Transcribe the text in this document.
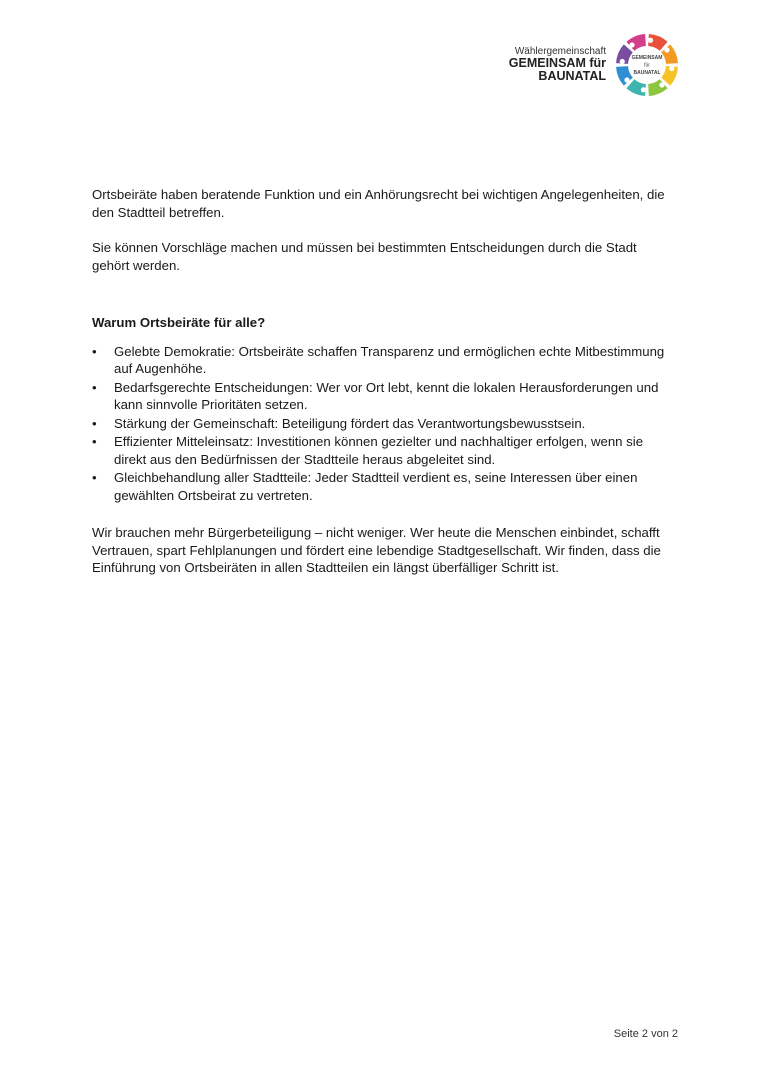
Wählergemeinschaft
GEMEINSAM für
BAUNATAL
GEMEINSAM
für
BAUNATAL

Ortsbeiräte haben beratende Funktion und ein Anhörungsrecht bei wichtigen Angelegenheiten, die den Stadtteil betreffen.

Sie können Vorschläge machen und müssen bei bestimmten Entscheidungen durch die Stadt gehört werden.

Warum Ortsbeiräte für alle?
• Gelebte Demokratie: Ortsbeiräte schaffen Transparenz und ermöglichen echte Mitbestimmung auf Augenhöhe.
• Bedarfsgerechte Entscheidungen: Wer vor Ort lebt, kennt die lokalen Herausforderungen und kann sinnvolle Prioritäten setzen.
• Stärkung der Gemeinschaft: Beteiligung fördert das Verantwortungsbewusstsein.
• Effizienter Mitteleinsatz: Investitionen können gezielter und nachhaltiger erfolgen, wenn sie direkt aus den Bedürfnissen der Stadtteile heraus abgeleitet sind.
• Gleichbehandlung aller Stadtteile: Jeder Stadtteil verdient es, seine Interessen über einen gewählten Ortsbeirat zu vertreten.

Wir brauchen mehr Bürgerbeteiligung – nicht weniger. Wer heute die Menschen einbindet, schafft Vertrauen, spart Fehlplanungen und fördert eine lebendige Stadtgesellschaft. Wir finden, dass die Einführung von Ortsbeiräten in allen Stadtteilen ein längst überfälliger Schritt ist.

Seite 2 von 2
